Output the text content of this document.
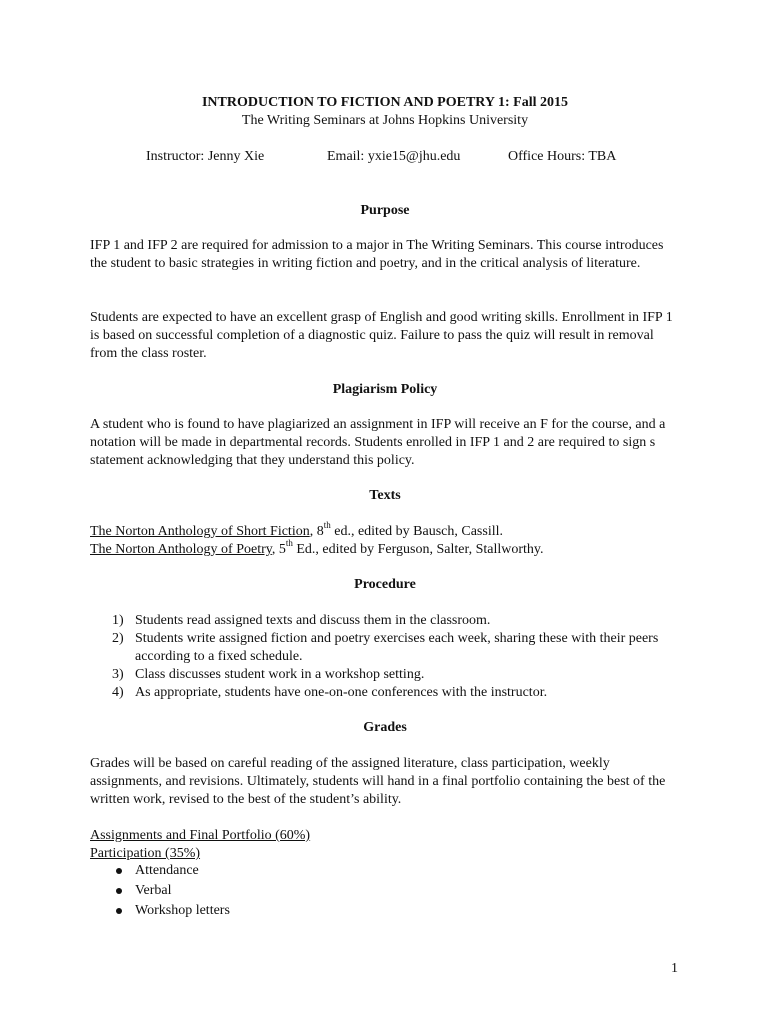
INTRODUCTION TO FICTION AND POETRY 1: Fall 2015
The Writing Seminars at Johns Hopkins University
Instructor: Jenny Xie	Email: yxie15@jhu.edu	Office Hours: TBA
Purpose
IFP 1 and IFP 2 are required for admission to a major in The Writing Seminars. This course introduces the student to basic strategies in writing fiction and poetry, and in the critical analysis of literature.
Students are expected to have an excellent grasp of English and good writing skills. Enrollment in IFP 1 is based on successful completion of a diagnostic quiz. Failure to pass the quiz will result in removal from the class roster.
Plagiarism Policy
A student who is found to have plagiarized an assignment in IFP will receive an F for the course, and a notation will be made in departmental records. Students enrolled in IFP 1 and 2 are required to sign s statement acknowledging that they understand this policy.
Texts
The Norton Anthology of Short Fiction, 8th ed., edited by Bausch, Cassill.
The Norton Anthology of Poetry, 5th Ed., edited by Ferguson, Salter, Stallworthy.
Procedure
1) Students read assigned texts and discuss them in the classroom.
2) Students write assigned fiction and poetry exercises each week, sharing these with their peers according to a fixed schedule.
3) Class discusses student work in a workshop setting.
4) As appropriate, students have one-on-one conferences with the instructor.
Grades
Grades will be based on careful reading of the assigned literature, class participation, weekly assignments, and revisions. Ultimately, students will hand in a final portfolio containing the best of the written work, revised to the best of the student’s ability.
Assignments and Final Portfolio (60%)
Participation (35%)
Attendance
Verbal
Workshop letters
1
